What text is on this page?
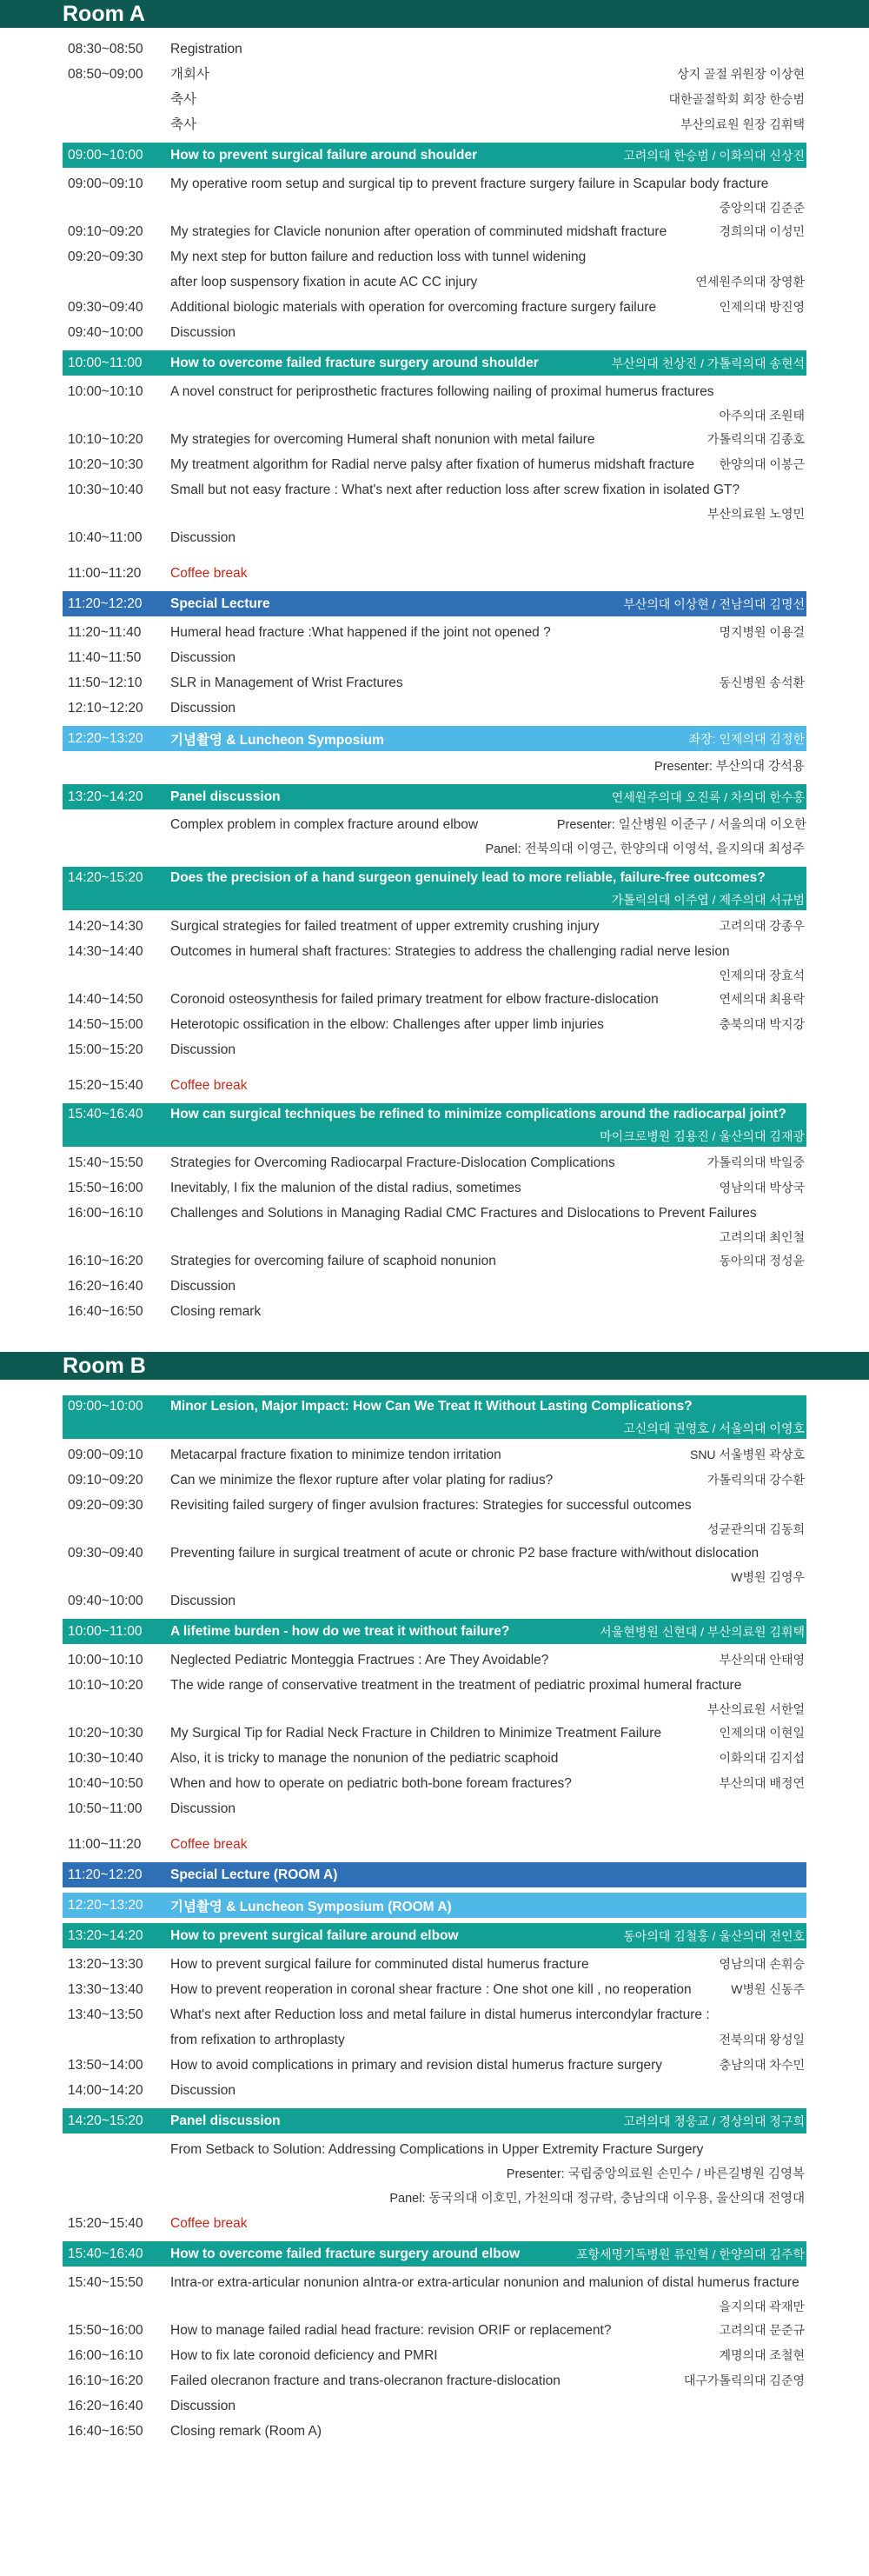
Room A
08:30~08:50	Registration
08:50~09:00	개회사	상지 골절 위원장 이상현
축사	대한골절학회 회장 한승범
축사	부산의료원 원장 김휘택
09:00~10:00	How to prevent surgical failure around shoulder	고려의대 한승범 / 이화의대 신상진
09:00~09:10	My operative room setup and surgical tip to prevent fracture surgery failure in Scapular body fracture
중앙의대 김준준
09:10~09:20	My strategies for Clavicle nonunion after operation of comminuted midshaft fracture	경희의대 이성민
09:20~09:30	My next step for button failure and reduction loss with tunnel widening
after loop suspensory fixation in acute AC CC injury	연세원주의대 장영환
09:30~09:40	Additional biologic materials with operation for overcoming fracture surgery failure	인제의대 방진영
09:40~10:00	Discussion
10:00~11:00	How to overcome failed fracture surgery around shoulder	부산의대 천상진 / 가톨릭의대 송현석
10:00~10:10	A novel construct for periprosthetic fractures following nailing of proximal humerus fractures
아주의대 조원태
10:10~10:20	My strategies for overcoming Humeral shaft nonunion with metal failure	가톨릭의대 김종호
10:20~10:30	My treatment algorithm for Radial nerve palsy after fixation of humerus midshaft fracture	한양의대 이봉근
10:30~10:40	Small but not easy fracture : What's next after reduction loss after screw fixation in isolated GT?
부산의료원 노영민
10:40~11:00	Discussion
11:00~11:20	Coffee break
11:20~12:20	Special Lecture	부산의대 이상현 / 전남의대 김명선
11:20~11:40	Humeral head fracture :What happened if the joint not opened ?	명지병원 이용걸
11:40~11:50	Discussion
11:50~12:10	SLR in Management of Wrist Fractures	동신병원 송석환
12:10~12:20	Discussion
12:20~13:20	기념촬영 & Luncheon Symposium	좌장: 인제의대 김정한
Presenter: 부산의대 강석용
13:20~14:20	Panel discussion	연세원주의대 오진록 / 차의대 한수홍
Complex problem in complex fracture around elbow	Presenter: 일산병원 이준구 / 서울의대 이오한
Panel: 전북의대 이영근, 한양의대 이영석, 을지의대 최성주
14:20~15:20	Does the precision of a hand surgeon genuinely lead to more reliable, failure-free outcomes?
가톨릭의대 이주엽 / 제주의대 서규범
14:20~14:30	Surgical strategies for failed treatment of upper extremity crushing injury	고려의대 강종우
14:30~14:40	Outcomes in humeral shaft fractures: Strategies to address the challenging radial nerve lesion
인제의대 장효석
14:40~14:50	Coronoid osteosynthesis for failed primary treatment for elbow fracture-dislocation	연세의대 최용락
14:50~15:00	Heterotopic ossification in the elbow: Challenges after upper limb injuries	충북의대 박지강
15:00~15:20	Discussion
15:20~15:40	Coffee break
15:40~16:40	How can surgical techniques be refined to minimize complications around the radiocarpal joint?
마이크로병원 김용진 / 울산의대 김재광
15:40~15:50	Strategies for Overcoming Radiocarpal Fracture-Dislocation Complications	가톨릭의대 박일중
15:50~16:00	Inevitably, I fix the malunion of the distal radius, sometimes	영남의대 박상국
16:00~16:10	Challenges and Solutions in Managing Radial CMC Fractures and Dislocations to Prevent Failures
고려의대 최인철
16:10~16:20	Strategies for overcoming failure of scaphoid nonunion	동아의대 정성윤
16:20~16:40	Discussion
16:40~16:50	Closing remark
Room B
09:00~10:00	Minor Lesion, Major Impact: How Can We Treat It Without Lasting Complications?
고신의대 권영호 / 서울의대 이영호
09:00~09:10	Metacarpal fracture fixation to minimize tendon irritation	SNU 서울병원 곽상호
09:10~09:20	Can we minimize the flexor rupture after volar plating for radius?	가톨릭의대 강수환
09:20~09:30	Revisiting failed surgery of finger avulsion fractures: Strategies for successful outcomes
성균관의대 김동희
09:30~09:40	Preventing failure in surgical treatment of acute or chronic P2 base fracture with/without dislocation
W병원 김영우
09:40~10:00	Discussion
10:00~11:00	A lifetime burden - how do we treat it without failure?	서울현병원 신현대 / 부산의료원 김휘택
10:00~10:10	Neglected Pediatric Monteggia Fractrues : Are They Avoidable?	부산의대 안태영
10:10~10:20	The wide range of conservative treatment in the treatment of pediatric proximal humeral fracture
부산의료원 서한얼
10:20~10:30	My Surgical Tip for Radial Neck Fracture in Children to Minimize Treatment Failure	인제의대 이현일
10:30~10:40	Also, it is tricky to manage the nonunion of the pediatric scaphoid	이화의대 김지섭
10:40~10:50	When and how to operate on pediatric both-bone foream fractures?	부산의대 배정연
10:50~11:00	Discussion
11:00~11:20	Coffee break
11:20~12:20	Special Lecture (ROOM A)
12:20~13:20	기념촬영 & Luncheon Symposium (ROOM A)
13:20~14:20	How to prevent surgical failure around elbow	동아의대 김철홍 / 울산의대 전인호
13:20~13:30	How to prevent surgical failure for comminuted distal humerus fracture	영남의대 손휘승
13:30~13:40	How to prevent reoperation in coronal shear fracture : One shot one kill , no reoperation	W병원 신동주
13:40~13:50	What's next after Reduction loss and metal failure in distal humerus intercondylar fracture :
from refixation to arthroplasty	전북의대 왕성일
13:50~14:00	How to avoid complications in primary and revision distal humerus fracture surgery	충남의대 차수민
14:00~14:20	Discussion
14:20~15:20	Panel discussion	고려의대 정웅교 / 경상의대 정구희
From Setback to Solution: Addressing Complications in Upper Extremity Fracture Surgery
Presenter: 국립중앙의료원 손민수 / 바른길병원 김영복
Panel: 동국의대 이호민, 가천의대 정규락, 충남의대 이우용, 울산의대 전영대
15:20~15:40	Coffee break
15:40~16:40	How to overcome failed fracture surgery around elbow	포항세명기독병원 류인혁 / 한양의대 김주학
15:40~15:50	Intra-or extra-articular nonunion aIntra-or extra-articular nonunion and malunion of distal humerus fracture
을지의대 곽재만
15:50~16:00	How to manage failed radial head fracture: revision ORIF or replacement?	고려의대 문준규
16:00~16:10	How to fix late coronoid deficiency and PMRI	계명의대 조철현
16:10~16:20	Failed olecranon fracture and trans-olecranon fracture-dislocation	대구가톨릭의대 김준영
16:20~16:40	Discussion
16:40~16:50	Closing remark (Room A)
